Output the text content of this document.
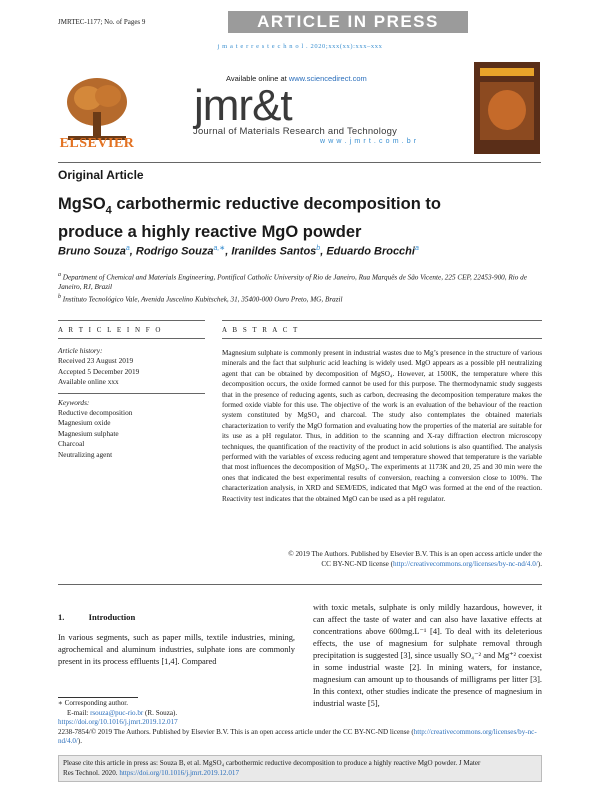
JMRTEC-1177; No. of Pages 9	ARTICLE IN PRESS
j m a t e r r e s t e c h n o l . 2020;xxx(xx):xxx–xxx
ELSEVIER
Available online at www.sciencedirect.com
jmr&t
Journal of Materials Research and Technology
w w w . j m r t . c o m . b r
Original Article
MgSO$_4$ carbothermic reductive decomposition to
produce a highly reactive MgO powder
Bruno Souza$^a$, Rodrigo Souza$^{a,∗}$, Iranildes Santos$^b$, Eduardo Brocchi$^a$
$^a$ Department of Chemical and Materials Engineering, Pontifical Catholic University of Rio de Janeiro, Rua Marquês de São Vicente, 225 CEP, 22453-900, Rio de Janeiro, RJ, Brazil
$^b$ Instituto Tecnológico Vale, Avenida Juscelino Kubitschek, 31, 35400-000 Ouro Preto, MG, Brazil
A R T I C L E I N F O	A B S T R A C T
Article history:
Received 23 August 2019
Accepted 5 December 2019
Available online xxx
Keywords:
Reductive decomposition
Magnesium oxide
Magnesium sulphate
Charcoal
Neutralizing agent
Magnesium sulphate is commonly present in industrial wastes due to Mg’s presence in the structure of various minerals and the fact that sulphuric acid leaching is widely used. MgO appears as a possible pH neutralizing agent that can be obtained by decomposition of MgSO₄. However, at 1500K, the temperature where this decomposition occurs, the oxide formed cannot be used for this purpose. The thermodynamic study suggests that in the presence of reducing agents, such as carbon, decreasing the decomposition temperature makes the formed oxide viable for this use. The objective of the work is an evaluation of the behaviour of the reaction system constituted by MgSO₄ and charcoal. The study also contemplates the obtained materials characterization to verify the MgO formation and evaluating how the properties of the material are suitable for its use as a pH regulator. Thus, in addition to the scanning and X-ray diffraction electron microscopy techniques, the quantification of the reactivity of the product in acid solutions is also quantified. The analysis performed with the variables of excess reducing agent and temperature showed that temperature is the variable that most influences the decomposition of MgSO₄. The experiments at 1173K and 20, 25 and 30 min were the ones that indicated the best experimental results of conversion, reaching a conversion close to 100%. The characterization analysis, in XRD and SEM/EDS, indicated that MgO was formed at the end of the reaction. Reactivity test indicates that the obtained MgO can be used as a pH regulator.
© 2019 The Authors. Published by Elsevier B.V. This is an open access article under the
CC BY-NC-ND license (http://creativecommons.org/licenses/by-nc-nd/4.0/).
1.	Introduction
In various segments, such as paper mills, textile industries, mining, agrochemical and aluminum industries, sulphate ions are commonly present in its process effluents [1,4]. Compared
with toxic metals, sulphate is only mildly hazardous, however, it can affect the taste of water and can also have laxative effects at concentrations above 600mg.L⁻¹ [4]. To deal with its deleterious effects, the use of magnesium for sulphate removal through precipitation is suggested [3], since usually SO₄⁻² and Mg⁺² coexist in some industrial waste [2]. In mining waters, for instance, magnesium can amount up to thousands of milligrams per litter [3]. In this context, other studies indicate the presence of magnesium in industrial waste [5],
∗ Corresponding author.
E-mail: rsouza@puc-rio.br (R. Souza).
https://doi.org/10.1016/j.jmrt.2019.12.017
2238-7854/© 2019 The Authors. Published by Elsevier B.V. This is an open access article under the CC BY-NC-ND license (http://creativecommons.org/licenses/by-nc-nd/4.0/).
Please cite this article in press as: Souza B, et al. MgSO₄ carbothermic reductive decomposition to produce a highly reactive MgO powder. J Mater
Res Technol. 2020. https://doi.org/10.1016/j.jmrt.2019.12.017
